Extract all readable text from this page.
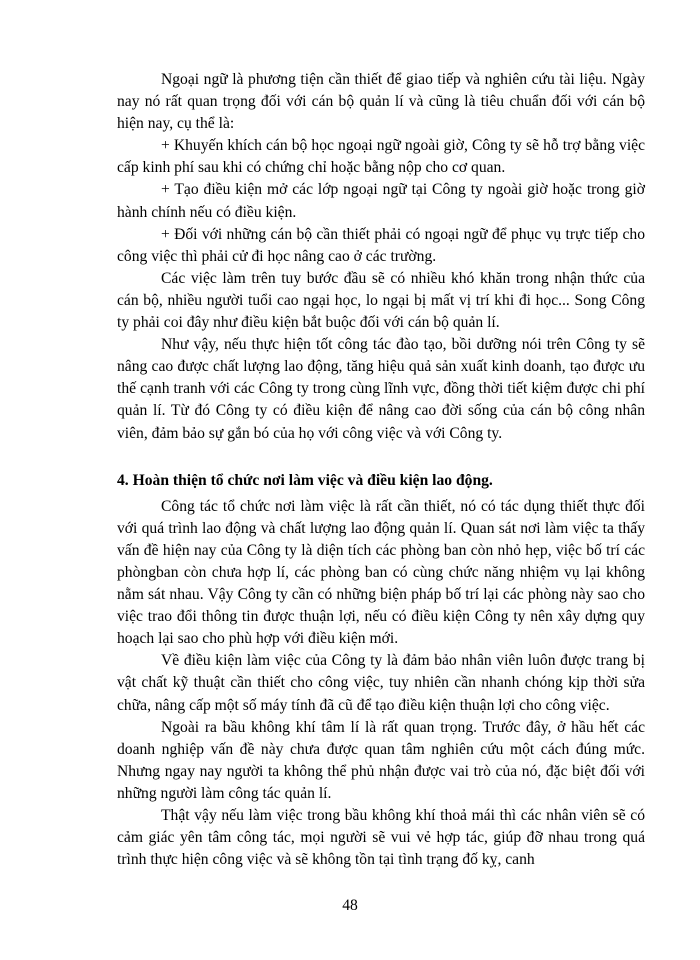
Ngoại ngữ là phương tiện cần thiết để giao tiếp và nghiên cứu tài liệu. Ngày nay nó rất quan trọng đối với cán bộ quản lí và cũng là tiêu chuẩn đối với cán bộ hiện nay, cụ thể là:

+ Khuyến khích cán bộ học ngoại ngữ ngoài giờ, Công ty sẽ hỗ trợ bằng việc cấp kinh phí sau khi có chứng chỉ hoặc bằng nộp cho cơ quan.

+ Tạo điều kiện mở các lớp ngoại ngữ tại Công ty ngoài giờ hoặc trong giờ hành chính nếu có điều kiện.

+ Đối với những cán bộ cần thiết phải có ngoại ngữ để phục vụ trực tiếp cho công việc thì phải cử đi học nâng cao ở các trường.

Các việc làm trên tuy bước đầu sẽ có nhiều khó khăn trong nhận thức của cán bộ, nhiều người tuổi cao ngại học, lo ngại bị mất vị trí khi đi học... Song Công ty phải coi đây như điều kiện bắt buộc đối với cán bộ quản lí.

Như vậy, nếu thực hiện tốt công tác đào tạo, bồi dưỡng nói trên Công ty sẽ nâng cao được chất lượng lao động, tăng hiệu quả sản xuất kinh doanh, tạo được ưu thế cạnh tranh với các Công ty trong cùng lĩnh vực, đồng thời tiết kiệm được chi phí quản lí. Từ đó Công ty có điều kiện để nâng cao đời sống của cán bộ công nhân viên, đảm bảo sự gắn bó của họ với công việc và với Công ty.

4. Hoàn thiện tổ chức nơi làm việc và điều kiện lao động.

Công tác tổ chức nơi làm việc là rất cần thiết, nó có tác dụng thiết thực đối với quá trình lao động và chất lượng lao động quản lí. Quan sát nơi làm việc ta thấy vấn đề hiện nay của Công ty là diện tích các phòng ban còn nhỏ hẹp, việc bố trí các phòngban còn chưa hợp lí, các phòng ban có cùng chức năng nhiệm vụ lại không nằm sát nhau. Vậy Công ty cần có những biện pháp bố trí lại các phòng này sao cho việc trao đổi thông tin được thuận lợi, nếu có điều kiện Công ty nên xây dựng quy hoạch lại sao cho phù hợp với điều kiện mới.

Về điều kiện làm việc của Công ty là đảm bảo nhân viên luôn được trang bị vật chất kỹ thuật cần thiết cho công việc, tuy nhiên cần nhanh chóng kịp thời sửa chữa, nâng cấp một số máy tính đã cũ để tạo điều kiện thuận lợi cho công việc.

Ngoài ra bầu không khí tâm lí là rất quan trọng. Trước đây, ở hầu hết các doanh nghiệp vấn đề này chưa được quan tâm nghiên cứu một cách đúng mức. Nhưng ngay nay người ta không thể phủ nhận được vai trò của nó, đặc biệt đối với những người làm công tác quản lí.

Thật vậy nếu làm việc trong bầu không khí thoả mái thì các nhân viên sẽ có cảm giác yên tâm công tác, mọi người sẽ vui vẻ hợp tác, giúp đỡ nhau trong quá trình thực hiện công việc và sẽ không tồn tại tình trạng đố kỵ, canh

48
